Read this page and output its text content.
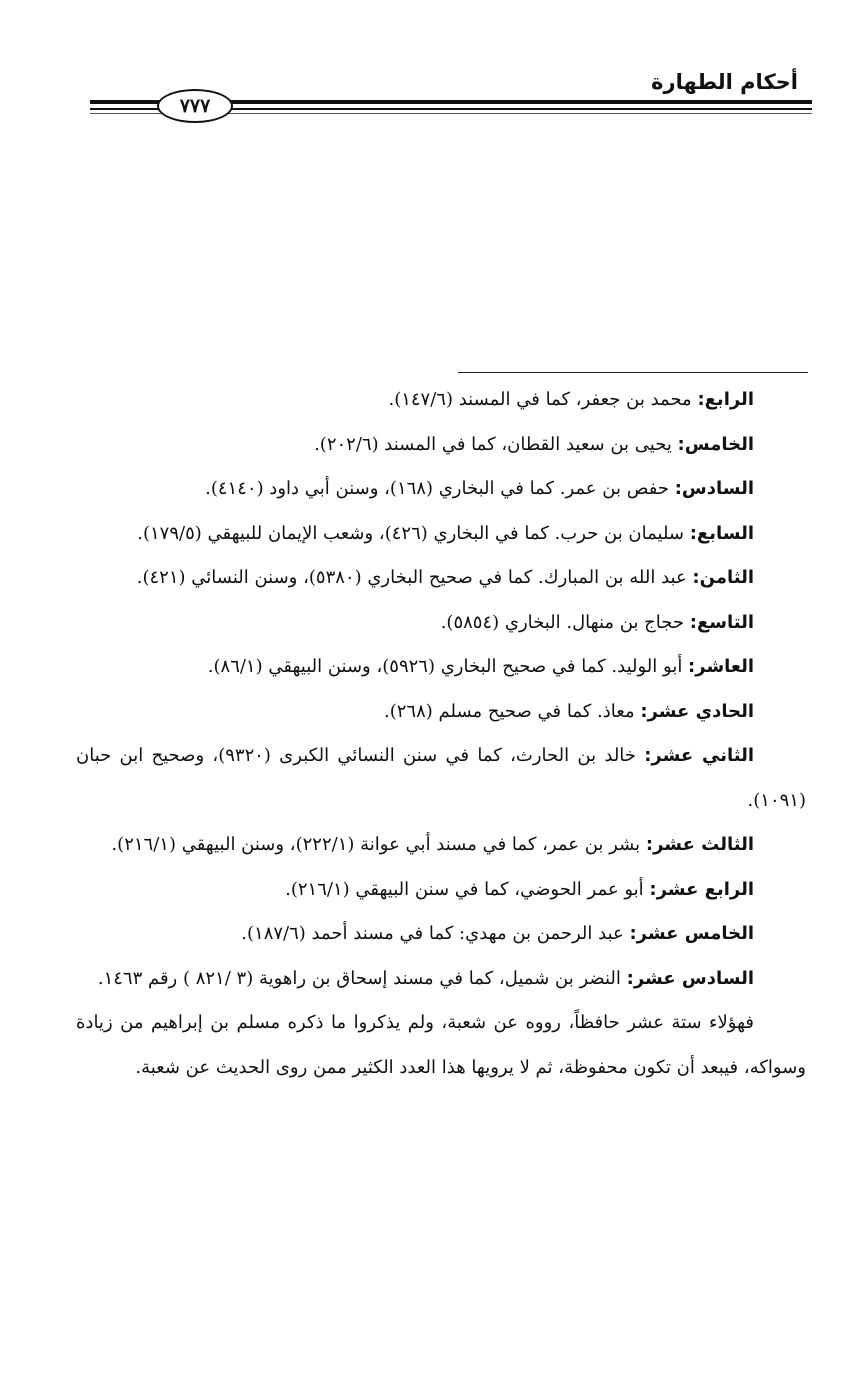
أحكام الطهارة
٧٧٧

الرابع: محمد بن جعفر، كما في المسند (١٤٧/٦).

الخامس: يحيى بن سعيد القطان، كما في المسند (٢٠٢/٦).

السادس: حفص بن عمر. كما في البخاري (١٦٨)، وسنن أبي داود (٤١٤٠).

السابع: سليمان بن حرب. كما في البخاري (٤٢٦)، وشعب الإيمان للبيهقي (١٧٩/٥).

الثامن: عبد الله بن المبارك. كما في صحيح البخاري (٥٣٨٠)، وسنن النسائي (٤٢١).

التاسع: حجاج بن منهال. البخاري (٥٨٥٤).

العاشر: أبو الوليد. كما في صحيح البخاري (٥٩٢٦)، وسنن البيهقي (٨٦/١).

الحادي عشر: معاذ. كما في صحيح مسلم (٢٦٨).

الثاني عشر: خالد بن الحارث، كما في سنن النسائي الكبرى (٩٣٢٠)، وصحيح ابن حبان (١٠٩١).

الثالث عشر: بشر بن عمر، كما في مسند أبي عوانة (٢٢٢/١)، وسنن البيهقي (٢١٦/١).

الرابع عشر: أبو عمر الحوضي، كما في سنن البيهقي (٢١٦/١).

الخامس عشر: عبد الرحمن بن مهدي: كما في مسند أحمد (١٨٧/٦).

السادس عشر: النضر بن شميل، كما في مسند إسحاق بن راهوية (٣ /٨٢١ ) رقم ١٤٦٣.

فهؤلاء ستة عشر حافظاً، رووه عن شعبة، ولم يذكروا ما ذكره مسلم بن إبراهيم من زيادة وسواكه، فيبعد أن تكون محفوظة، ثم لا يرويها هذا العدد الكثير ممن روى الحديث عن شعبة.
